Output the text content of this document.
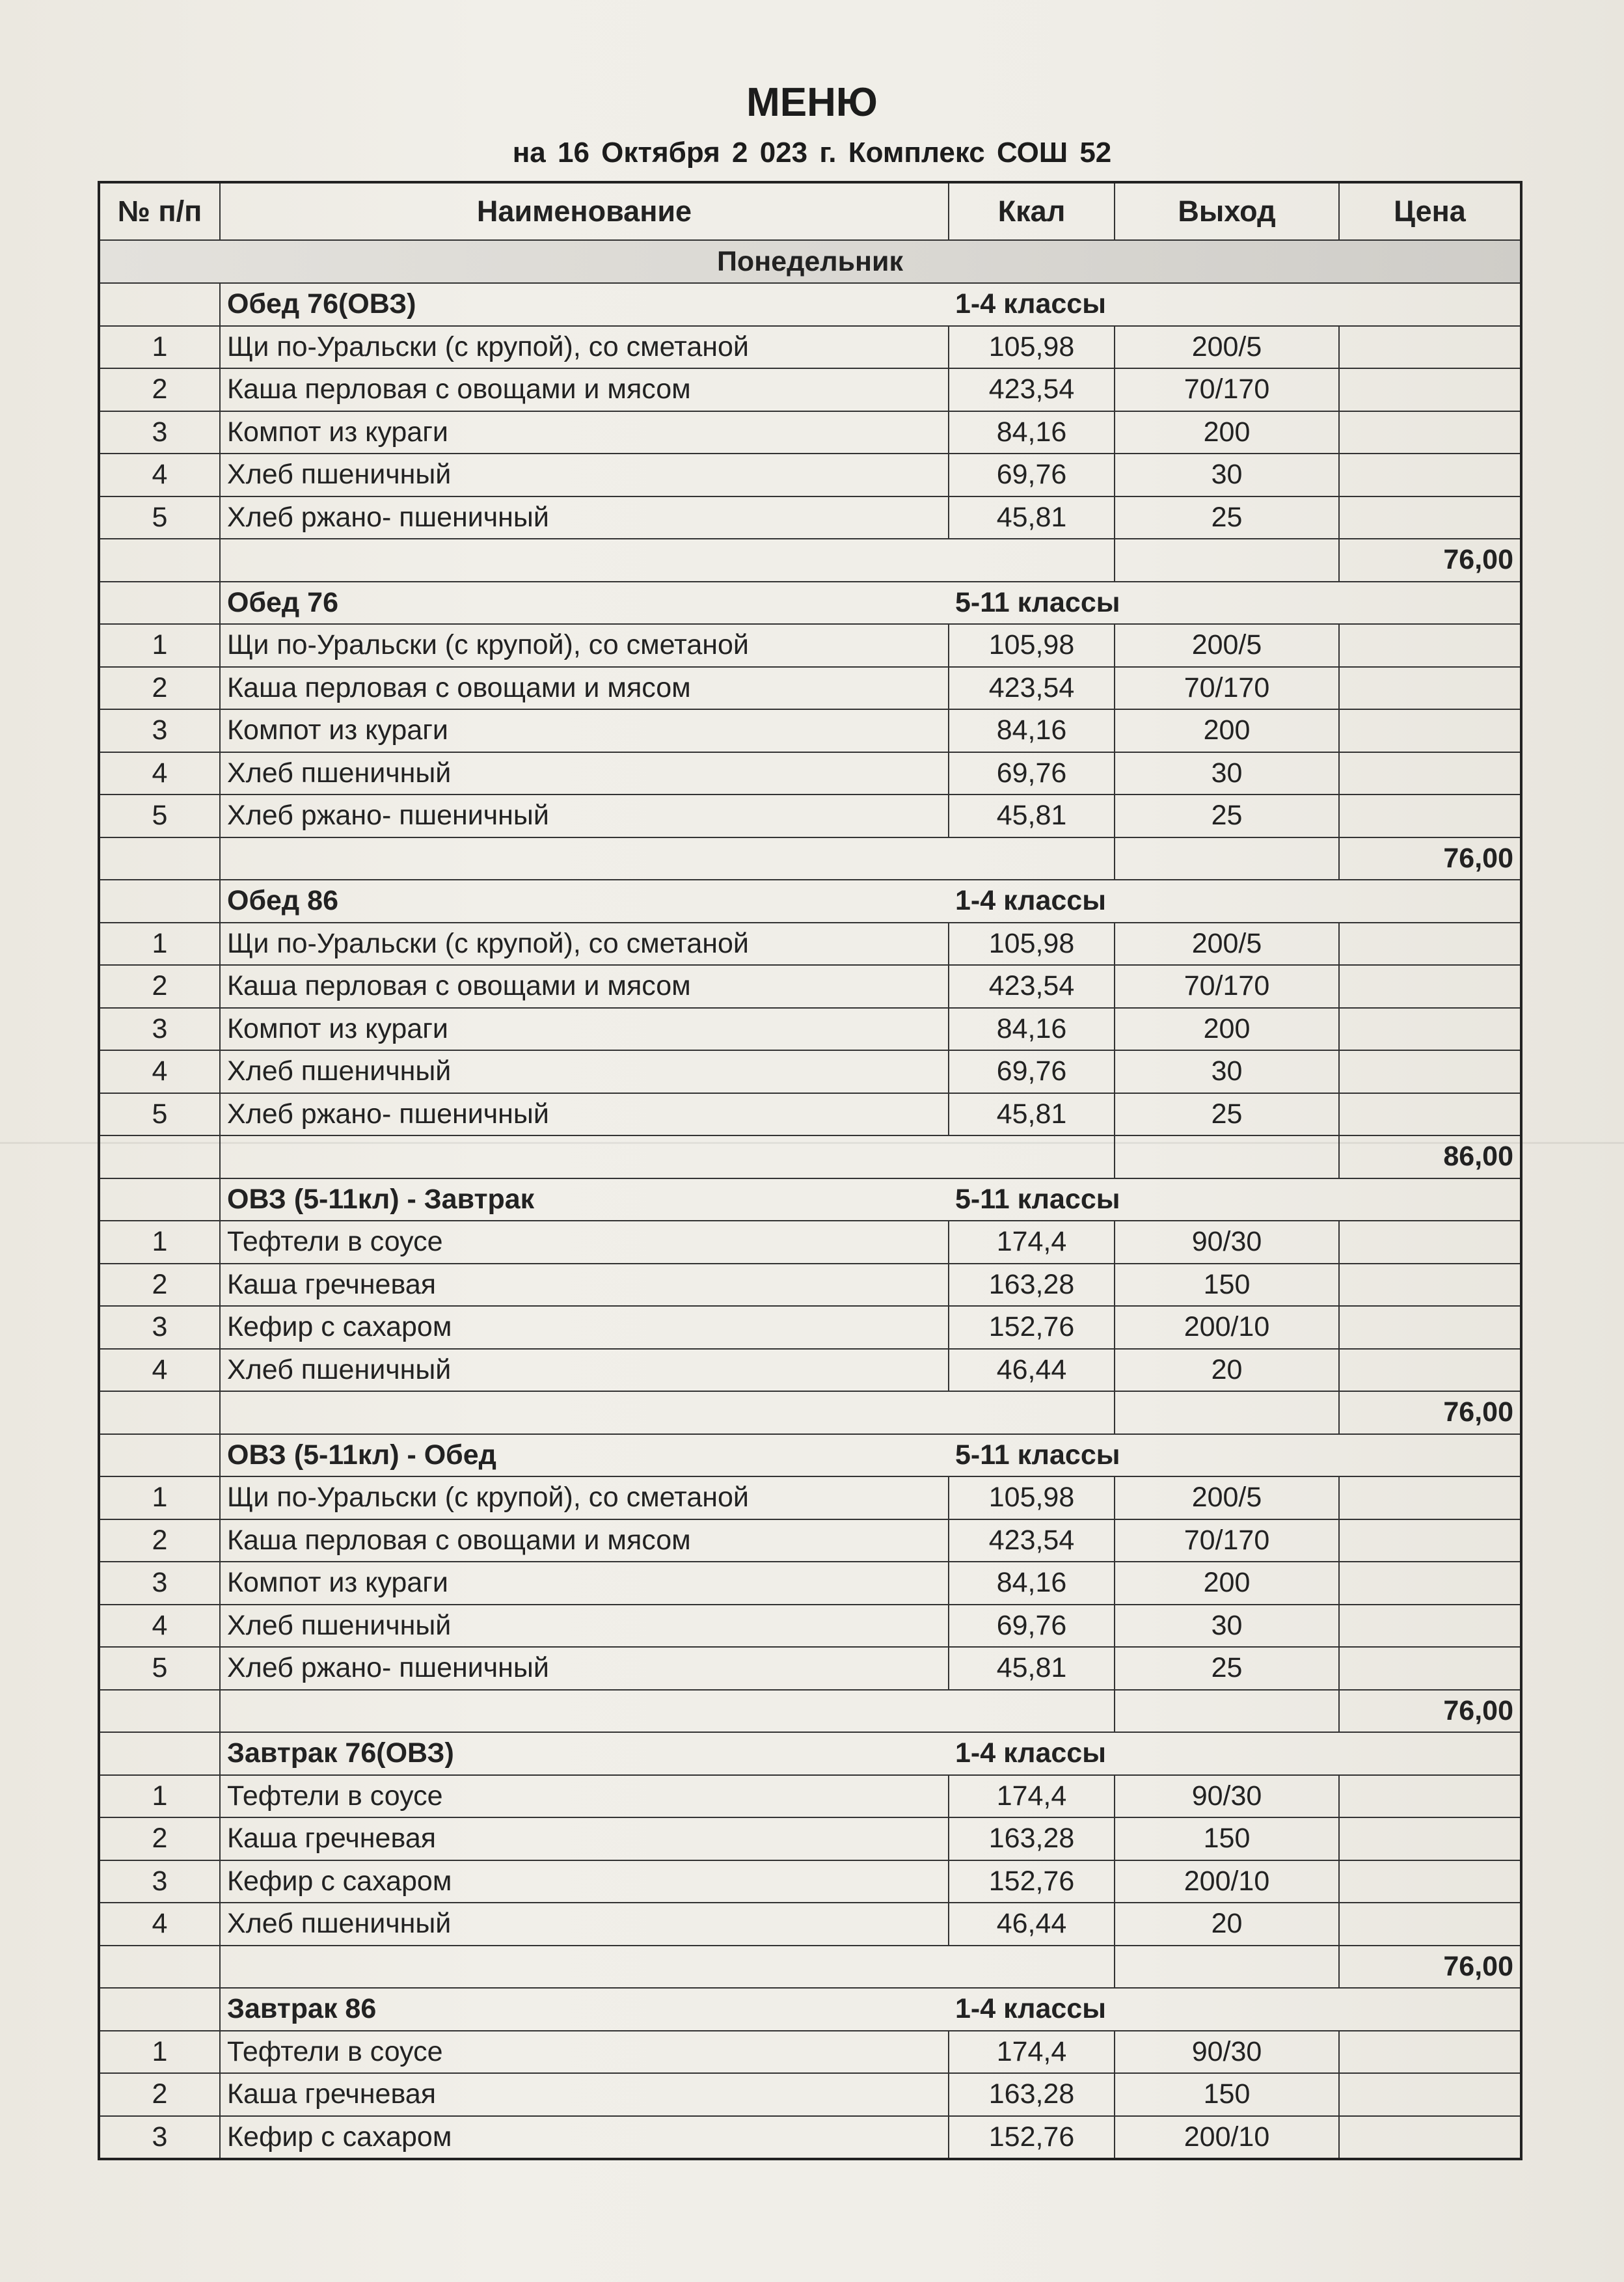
МЕНЮ
на 16 Октября 2 023 г. Комплекс СОШ 52
№ п/п	Наименование	Ккал	Выход	Цена
Понедельник				
	Обед 76(ОВЗ)	1-4 классы		
1	Щи по-Уральски (с крупой), со сметаной	105,98	200/5	
2	Каша перловая с овощами и мясом	423,54	70/170	
3	Компот из кураги	84,16	200	
4	Хлеб пшеничный	69,76	30	
5	Хлеб ржано- пшеничный	45,81	25	
				76,00
	Обед 76	5-11 классы		
1	Щи по-Уральски (с крупой), со сметаной	105,98	200/5	
2	Каша перловая с овощами и мясом	423,54	70/170	
3	Компот из кураги	84,16	200	
4	Хлеб пшеничный	69,76	30	
5	Хлеб ржано- пшеничный	45,81	25	
				76,00
	Обед 86	1-4 классы		
1	Щи по-Уральски (с крупой), со сметаной	105,98	200/5	
2	Каша перловая с овощами и мясом	423,54	70/170	
3	Компот из кураги	84,16	200	
4	Хлеб пшеничный	69,76	30	
5	Хлеб ржано- пшеничный	45,81	25	
				86,00
	ОВЗ (5-11кл) - Завтрак	5-11 классы		
1	Тефтели в соусе	174,4	90/30	
2	Каша гречневая	163,28	150	
3	Кефир с сахаром	152,76	200/10	
4	Хлеб пшеничный	46,44	20	
				76,00
	ОВЗ (5-11кл) - Обед	5-11 классы		
1	Щи по-Уральски (с крупой), со сметаной	105,98	200/5	
2	Каша перловая с овощами и мясом	423,54	70/170	
3	Компот из кураги	84,16	200	
4	Хлеб пшеничный	69,76	30	
5	Хлеб ржано- пшеничный	45,81	25	
				76,00
	Завтрак 76(ОВЗ)	1-4 классы		
1	Тефтели в соусе	174,4	90/30	
2	Каша гречневая	163,28	150	
3	Кефир с сахаром	152,76	200/10	
4	Хлеб пшеничный	46,44	20	
				76,00
	Завтрак 86	1-4 классы		
1	Тефтели в соусе	174,4	90/30	
2	Каша гречневая	163,28	150	
3	Кефир с сахаром	152,76	200/10	
